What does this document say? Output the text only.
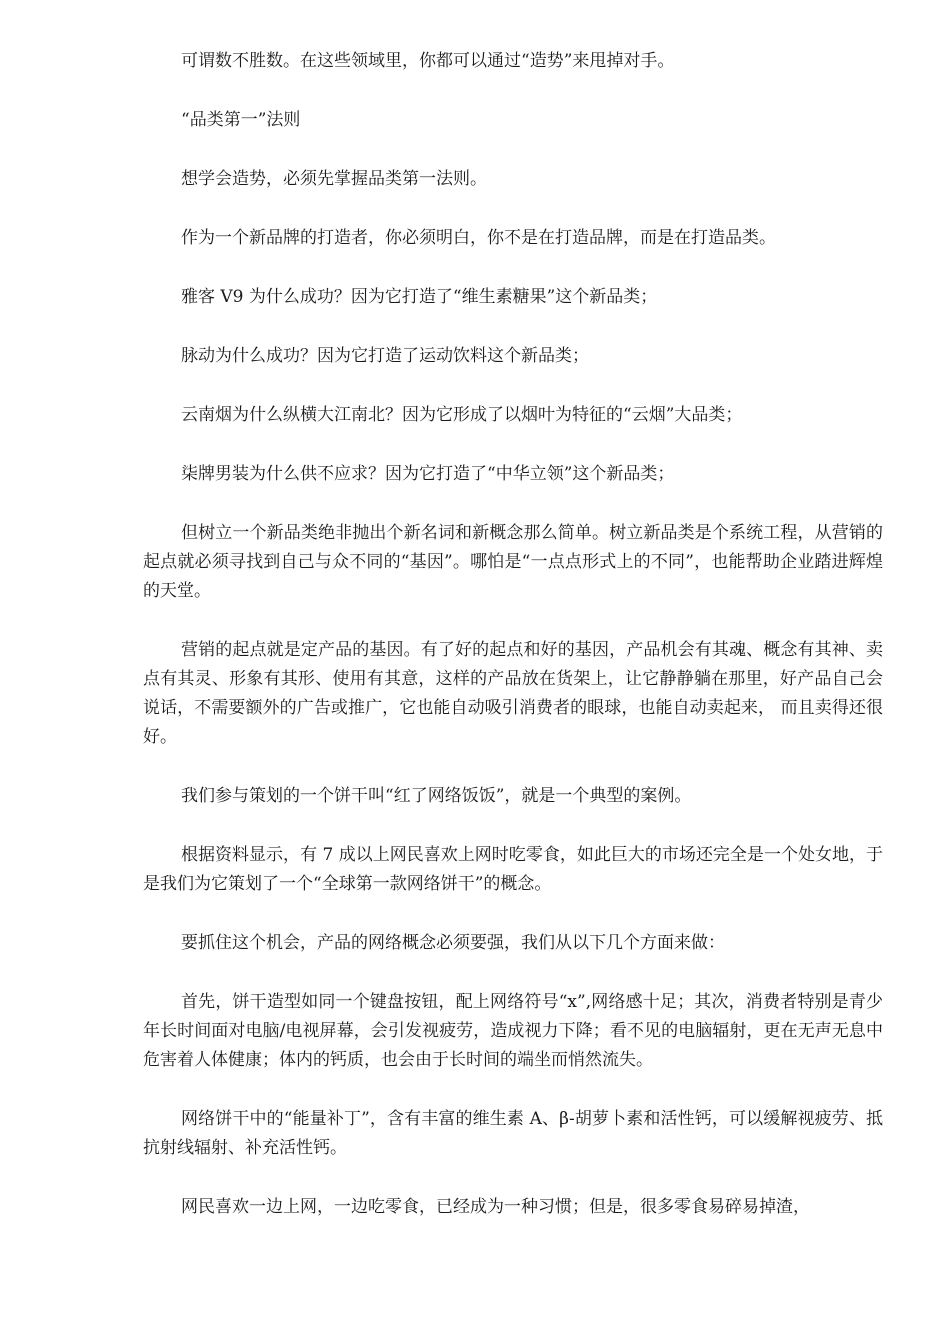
可谓数不胜数。在这些领域里，你都可以通过“造势”来甩掉对手。

“品类第一”法则

想学会造势，必须先掌握品类第一法则。

作为一个新品牌的打造者，你必须明白，你不是在打造品牌，而是在打造品类。

雅客 V9 为什么成功？因为它打造了“维生素糖果”这个新品类；

脉动为什么成功？因为它打造了运动饮料这个新品类；

云南烟为什么纵横大江南北？因为它形成了以烟叶为特征的“云烟”大品类；

柒牌男装为什么供不应求？因为它打造了“中华立领”这个新品类；

但树立一个新品类绝非抛出个新名词和新概念那么简单。树立新品类是个系统工程，从营销的起点就必须寻找到自己与众不同的“基因”。哪怕是“一点点形式上的不同”，也能帮助企业踏进辉煌的天堂。

营销的起点就是定产品的基因。有了好的起点和好的基因，产品机会有其魂、概念有其神、卖点有其灵、形象有其形、使用有其意，这样的产品放在货架上，让它静静躺在那里，好产品自己会说话，不需要额外的广告或推广，它也能自动吸引消费者的眼球，也能自动卖起来， 而且卖得还很好。

我们参与策划的一个饼干叫“红了网络饭饭”，就是一个典型的案例。

根据资料显示，有 7 成以上网民喜欢上网时吃零食，如此巨大的市场还完全是一个处女地，于是我们为它策划了一个“全球第一款网络饼干”的概念。

要抓住这个机会，产品的网络概念必须要强，我们从以下几个方面来做：

首先，饼干造型如同一个键盘按钮，配上网络符号“x”,网络感十足；其次，消费者特别是青少年长时间面对电脑/电视屏幕，会引发视疲劳，造成视力下降；看不见的电脑辐射，更在无声无息中危害着人体健康；体内的钙质，也会由于长时间的端坐而悄然流失。

网络饼干中的“能量补丁”，含有丰富的维生素 A、β-胡萝卜素和活性钙，可以缓解视疲劳、抵抗射线辐射、补充活性钙。

网民喜欢一边上网，一边吃零食，已经成为一种习惯；但是，很多零食易碎易掉渣，
